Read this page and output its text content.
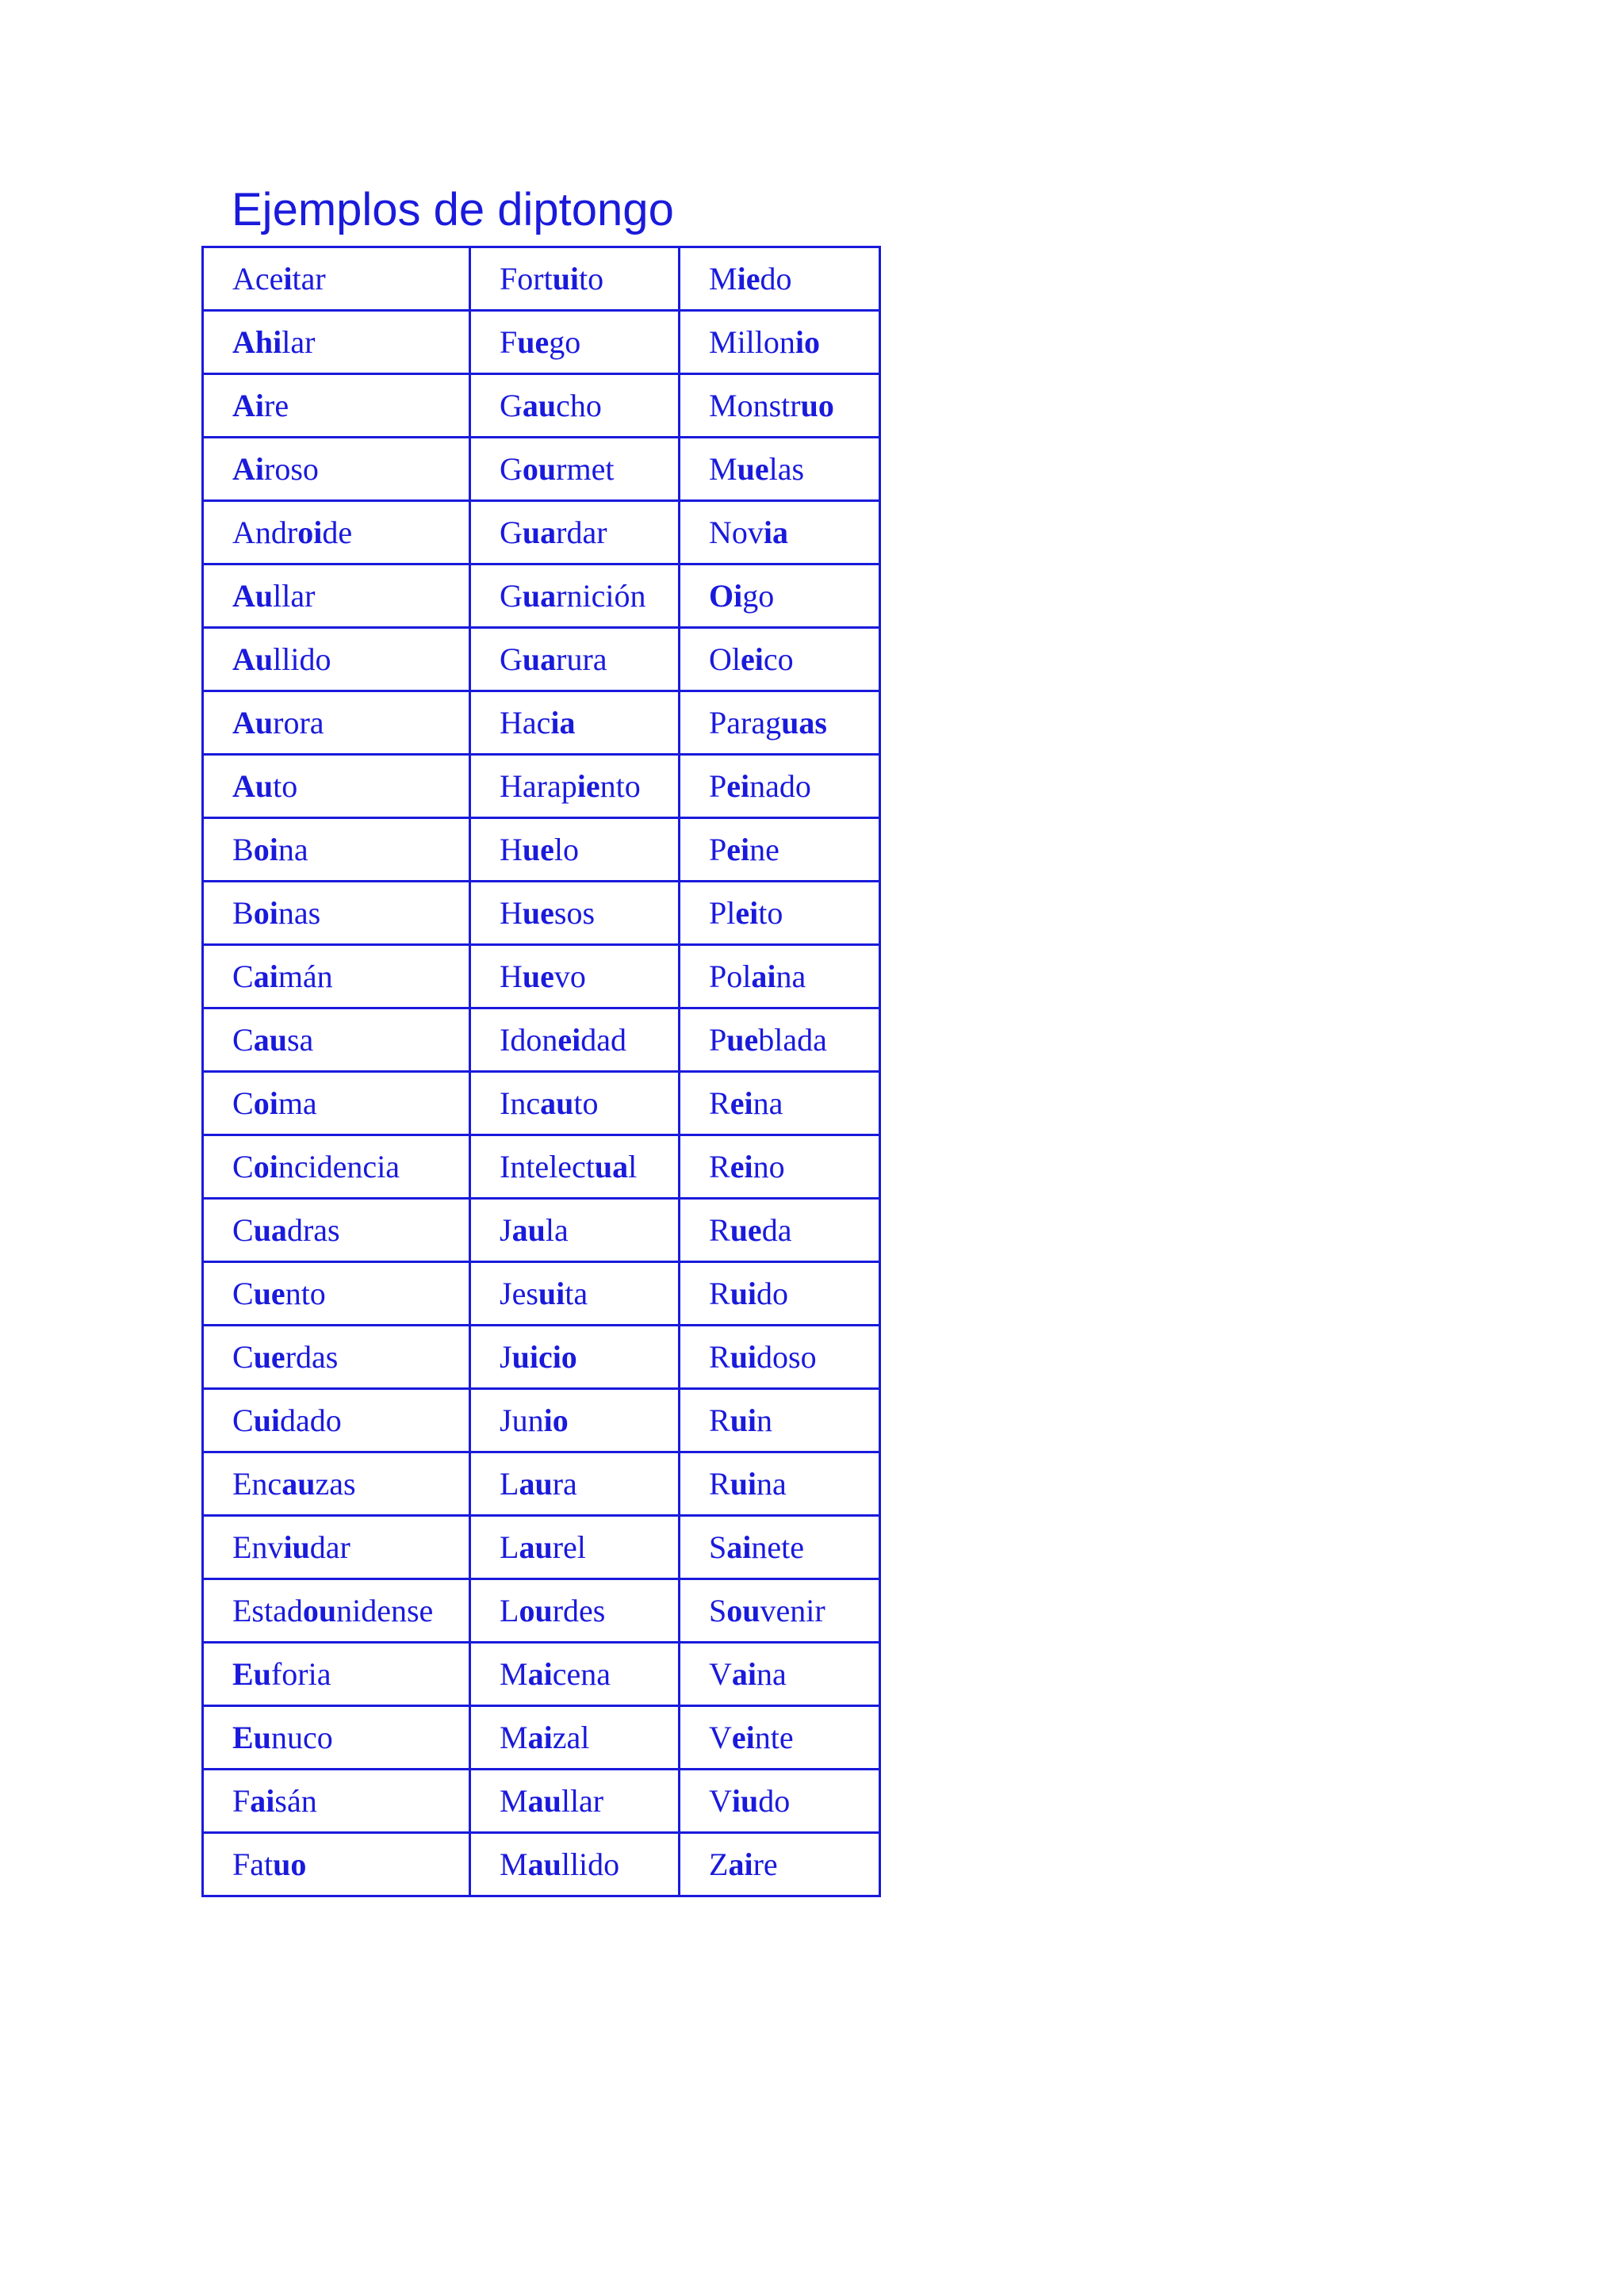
Ejemplos de diptongo
Aceitar	Fortuito	Miedo
Ahilar	Fuego	Millonio
Aire	Gaucho	Monstruo
Airoso	Gourmet	Muelas
Androide	Guardar	Novia
Aullar	Guarnición	Oigo
Aullido	Guarura	Oleico
Aurora	Hacia	Paraguas
Auto	Harapiento	Peinado
Boina	Huelo	Peine
Boinas	Huesos	Pleito
Caimán	Huevo	Polaina
Causa	Idoneidad	Pueblada
Coima	Incauto	Reina
Coincidencia	Intelectual	Reino
Cuadras	Jaula	Rueda
Cuento	Jesuita	Ruido
Cuerdas	Juicio	Ruidoso
Cuidado	Junio	Ruin
Encauzas	Laura	Ruina
Enviudar	Laurel	Sainete
Estadounidense	Lourdes	Souvenir
Euforia	Maicena	Vaina
Eunuco	Maizal	Veinte
Faisán	Maullar	Viudo
Fatuo	Maullido	Zaire
